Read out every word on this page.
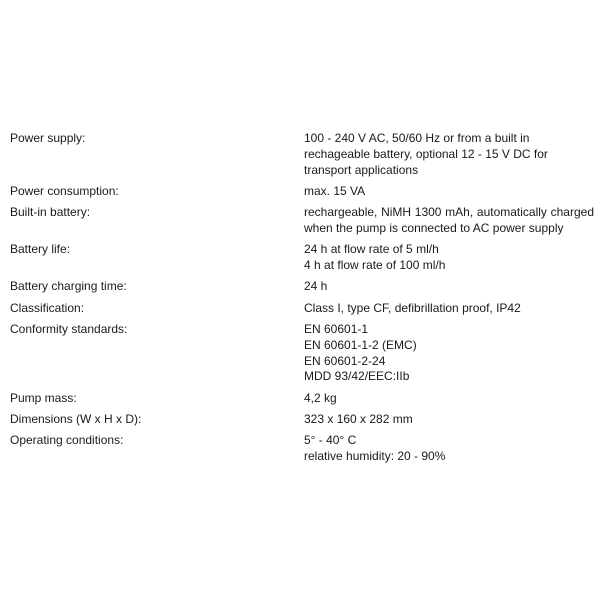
Power supply:	100 - 240 V AC, 50/60 Hz or from a built in
rechageable battery, optional 12 - 15 V DC for
transport applications

Power consumption:	max. 15 VA

Built-in battery:	rechargeable, NiMH 1300 mAh, automatically charged when the pump is connected to AC power supply
Battery life:	24 h at flow rate of 5 ml/h
4 h at flow rate of 100 ml/h

Battery charging time:	24 h

Classification:	Class I, type CF, defibrillation proof, IP42

Conformity standards:	EN 60601-1
EN 60601-1-2 (EMC)
EN 60601-2-24
MDD 93/42/EEC:IIb

Pump mass:	4,2 kg

Dimensions (W x H x D):	323 x 160 x 282 mm

Operating conditions:	5° - 40° C
relative humidity: 20 - 90%
